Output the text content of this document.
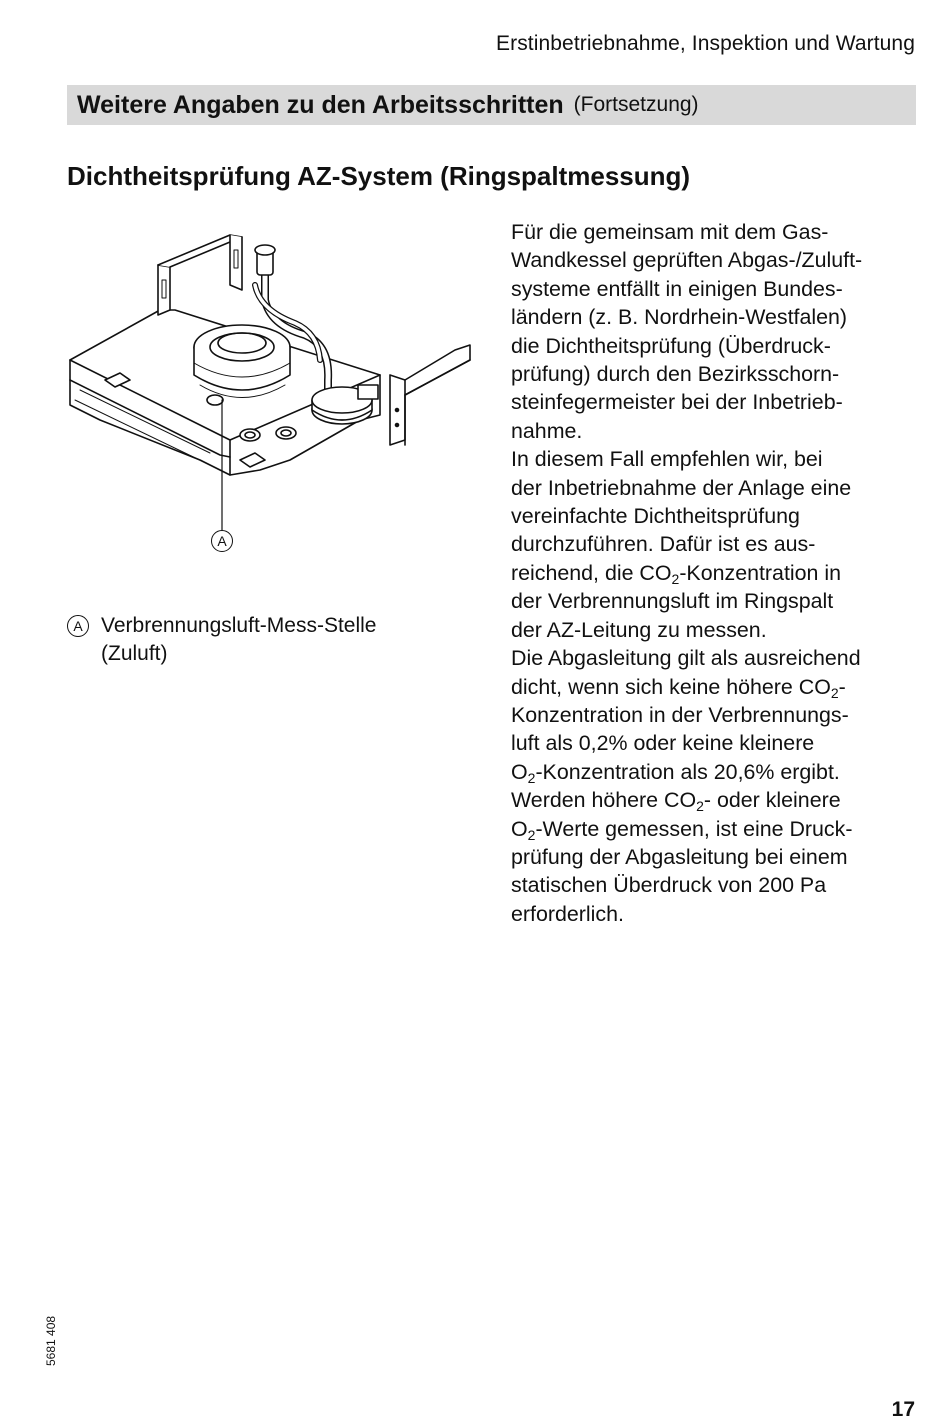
Erstinbetriebnahme, Inspektion und Wartung
Weitere Angaben zu den Arbeitsschritten (Fortsetzung)
Dichtheitsprüfung AZ-System (Ringspaltmessung)
A
A Verbrennungsluft-Mess-Stelle
(Zuluft)

Für die gemeinsam mit dem Gas-
Wandkessel geprüften Abgas-/Zuluft-
systeme entfällt in einigen Bundes-
ländern (z. B. Nordrhein-Westfalen)
die Dichtheitsprüfung (Überdruck-
prüfung) durch den Bezirksschorn-
steinfegermeister bei der Inbetrieb-
nahme.

In diesem Fall empfehlen wir, bei
der Inbetriebnahme der Anlage eine
vereinfachte Dichtheitsprüfung
durchzuführen. Dafür ist es aus-
reichend, die $CO_2$-Konzentration in
der Verbrennungsluft im Ringspalt
der AZ-Leitung zu messen.

Die Abgasleitung gilt als ausreichend
dicht, wenn sich keine höhere $CO_2-$
Konzentration in der Verbrennungs-
luft als 0,2% oder keine kleinere
$O_2$-Konzentration als 20,6% ergibt.

Werden höhere $CO_2-$ oder kleinere
$O_2$-Werte gemessen, ist eine Druck-
prüfung der Abgasleitung bei einem
statischen Überdruck von 200 Pa
erforderlich.

5681 408
17
